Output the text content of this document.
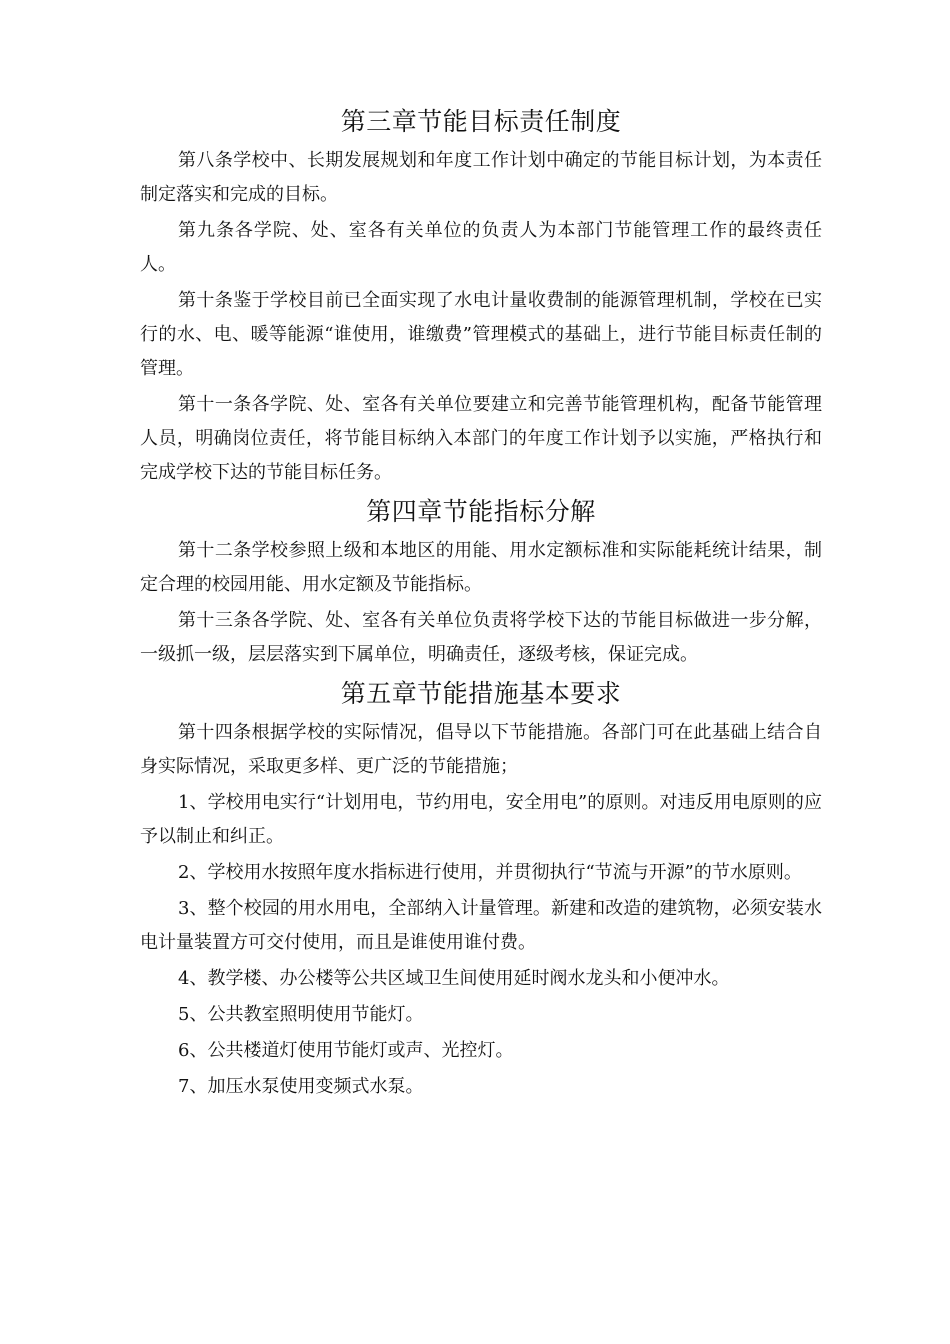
第三章节能目标责任制度

第八条学校中、长期发展规划和年度工作计划中确定的节能目标计划，为本责任制定落实和完成的目标。

第九条各学院、处、室各有关单位的负责人为本部门节能管理工作的最终责任人。

第十条鉴于学校目前已全面实现了水电计量收费制的能源管理机制，学校在已实行的水、电、暖等能源“谁使用，谁缴费”管理模式的基础上，进行节能目标责任制的管理。

第十一条各学院、处、室各有关单位要建立和完善节能管理机构，配备节能管理人员，明确岗位责任，将节能目标纳入本部门的年度工作计划予以实施，严格执行和完成学校下达的节能目标任务。

第四章节能指标分解

第十二条学校参照上级和本地区的用能、用水定额标准和实际能耗统计结果，制定合理的校园用能、用水定额及节能指标。

第十三条各学院、处、室各有关单位负责将学校下达的节能目标做进一步分解，一级抓一级，层层落实到下属单位，明确责任，逐级考核，保证完成。

第五章节能措施基本要求

第十四条根据学校的实际情况，倡导以下节能措施。各部门可在此基础上结合自身实际情况，采取更多样、更广泛的节能措施；

1、学校用电实行“计划用电，节约用电，安全用电”的原则。对违反用电原则的应予以制止和纠正。

2、学校用水按照年度水指标进行使用，并贯彻执行“节流与开源”的节水原则。

3、整个校园的用水用电，全部纳入计量管理。新建和改造的建筑物，必须安装水电计量装置方可交付使用，而且是谁使用谁付费。

4、教学楼、办公楼等公共区域卫生间使用延时阀水龙头和小便冲水。

5、公共教室照明使用节能灯。

6、公共楼道灯使用节能灯或声、光控灯。

7、加压水泵使用变频式水泵。
